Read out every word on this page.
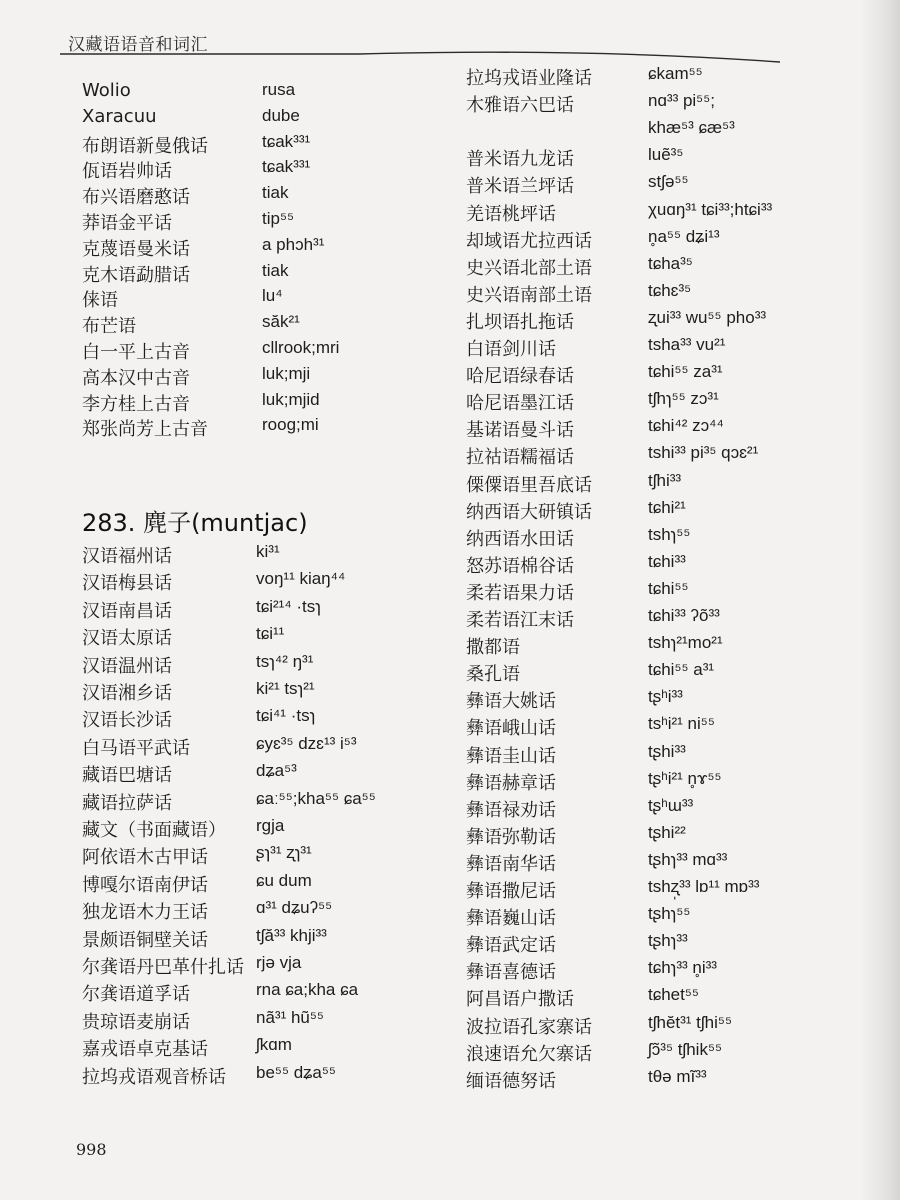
汉藏语语音和词汇
Wolio	rusa
Xaracuu	dube
布朗语新曼俄话	tɕak³³¹
佤语岩帅话	tɕak³³¹
布兴语磨憨话	tiak
莽语金平话	tip⁵⁵
克蔑语曼米话	a phɔh³¹
克木语勐腊话	tiak
俫语	lu⁴
布芒语	săk²¹
白一平上古音	cllrook;mri
高本汉中古音	luk;mji
李方桂上古音	luk;mjid
郑张尚芳上古音	roog;mi
283. 麂子(muntjac)
汉语福州话	ki³¹
汉语梅县话	voŋ¹¹ kiaŋ⁴⁴
汉语南昌话	tɕi²¹⁴ ·tsɿ
汉语太原话	tɕi¹¹
汉语温州话	tsɿ⁴² ŋ³¹
汉语湘乡话	ki²¹ tsɿ²¹
汉语长沙话	tɕi⁴¹ ·tsɿ
白马语平武话	ɕyɛ³⁵ dzɛ¹³ i⁵³
藏语巴塘话	dʑa⁵³
藏语拉萨话	ɕaː⁵⁵;kha⁵⁵ ɕa⁵⁵
藏文（书面藏语） rgja
阿依语木古甲话	ʂɿ³¹ ʐɿ³¹
博嘎尔语南伊话	ɕu dum
独龙语木力王话	ɑ³¹ dʑuʔ⁵⁵
景颇语铜壁关话	tʃă³³ khji³³
尔龚语丹巴革什扎话 rjə vja
尔龚语道孚话	rna ɕa;kha ɕa
贵琼语麦崩话	nã³¹ hũ⁵⁵
嘉戎语卓克基话	ʃkɑm
拉坞戎语观音桥话 be⁵⁵ dʑa⁵⁵
拉坞戎语业隆话	ɕkam⁵⁵
木雅语六巴话	nɑ³³ pi⁵⁵;
khæ⁵³ ɕæ⁵³
普米语九龙话	luẽ³⁵
普米语兰坪话	stʃə⁵⁵
羌语桃坪话	χuɑŋ³¹ tɕi³³;htɕi³³
却域语尤拉西话	n̥a⁵⁵ dʑi¹³
史兴语北部土语	tɕha³⁵
史兴语南部土语	tɕhɛ³⁵
扎坝语扎拖话	ʐui³³ wu⁵⁵ pho³³
白语剑川话	tsha³³ vu²¹
哈尼语绿春话	tɕhi⁵⁵ za³¹
哈尼语墨江话	tʃhɿ⁵⁵ zɔ³¹
基诺语曼斗话	tɕhi⁴² zɔ⁴⁴
拉祜语糯福话	tshi³³ pi³⁵ qɔɛ²¹
傈僳语里吾底话	tʃhi³³
纳西语大研镇话	tɕhi²¹
纳西语水田话	tshɿ⁵⁵
怒苏语棉谷话	tɕhi³³
柔若语果力话	tɕhi⁵⁵
柔若语江末话	tɕhi³³ ʔõ³³
撒都语	tshɿ²¹mo²¹
桑孔语	tɕhi⁵⁵ a³¹
彝语大姚话	tʂʰi³³
彝语峨山话	tsʰi²¹ ni⁵⁵
彝语圭山话	tʂhi³³
彝语赫章话	tʂʰi²¹ n̥ɤ⁵⁵
彝语禄劝话	tʂʰɯ³³
彝语弥勒话	tʂhi²²
彝语南华话	tʂhɿ³³ mɑ³³
彝语撒尼话	tshʐ̩³³ lɒ¹¹ mɒ³³
彝语巍山话	tʂhɿ⁵⁵
彝语武定话	tʂhɿ³³
彝语喜德话	tɕhɿ³³ n̥i³³
阿昌语户撒话	tɕhet⁵⁵
波拉语孔家寨话	tʃhĕt³¹ tʃhi⁵⁵
浪速语允欠寨话	ʃɔ̃³⁵ tʃhik⁵⁵
缅语德努话	tθə mĩ³³
998
